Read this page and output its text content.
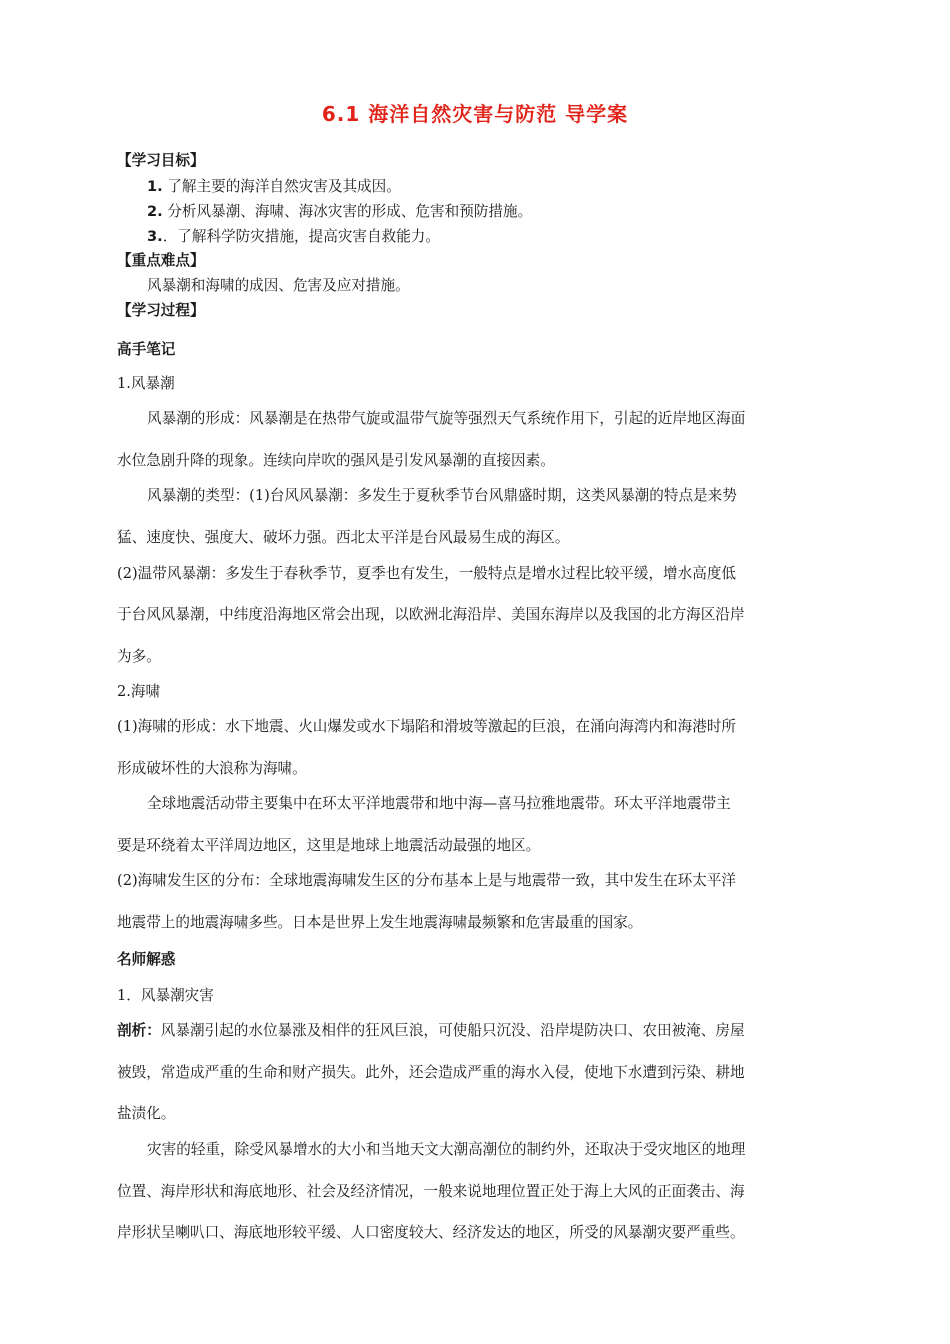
6.1 海洋自然灾害与防范 导学案
【学习目标】
1. 了解主要的海洋自然灾害及其成因。
2. 分析风暴潮、海啸、海冰灾害的形成、危害和预防措施。
3.．了解科学防灾措施，提高灾害自救能力。
【重点难点】
风暴潮和海啸的成因、危害及应对措施。
【学习过程】
高手笔记
1.风暴潮
风暴潮的形成：风暴潮是在热带气旋或温带气旋等强烈天气系统作用下，引起的近岸地区海面
水位急剧升降的现象。连续向岸吹的强风是引发风暴潮的直接因素。
风暴潮的类型：(1)台风风暴潮：多发生于夏秋季节台风鼎盛时期，这类风暴潮的特点是来势
猛、速度快、强度大、破坏力强。西北太平洋是台风最易生成的海区。
(2)温带风暴潮：多发生于春秋季节，夏季也有发生，一般特点是增水过程比较平缓，增水高度低
于台风风暴潮，中纬度沿海地区常会出现，以欧洲北海沿岸、美国东海岸以及我国的北方海区沿岸
为多。
2.海啸
(1)海啸的形成：水下地震、火山爆发或水下塌陷和滑坡等激起的巨浪，在涌向海湾内和海港时所
形成破坏性的大浪称为海啸。
全球地震活动带主要集中在环太平洋地震带和地中海—喜马拉雅地震带。环太平洋地震带主
要是环绕着太平洋周边地区，这里是地球上地震活动最强的地区。
(2)海啸发生区的分布：全球地震海啸发生区的分布基本上是与地震带一致，其中发生在环太平洋
地震带上的地震海啸多些。日本是世界上发生地震海啸最频繁和危害最重的国家。
名师解惑
1．风暴潮灾害
剖析：风暴潮引起的水位暴涨及相伴的狂风巨浪，可使船只沉没、沿岸堤防决口、农田被淹、房屋
被毁，常造成严重的生命和财产损失。此外，还会造成严重的海水入侵，使地下水遭到污染、耕地
盐渍化。
灾害的轻重，除受风暴增水的大小和当地天文大潮高潮位的制约外，还取决于受灾地区的地理
位置、海岸形状和海底地形、社会及经济情况，一般来说地理位置正处于海上大风的正面袭击、海
岸形状呈喇叭口、海底地形较平缓、人口密度较大、经济发达的地区，所受的风暴潮灾要严重些。
